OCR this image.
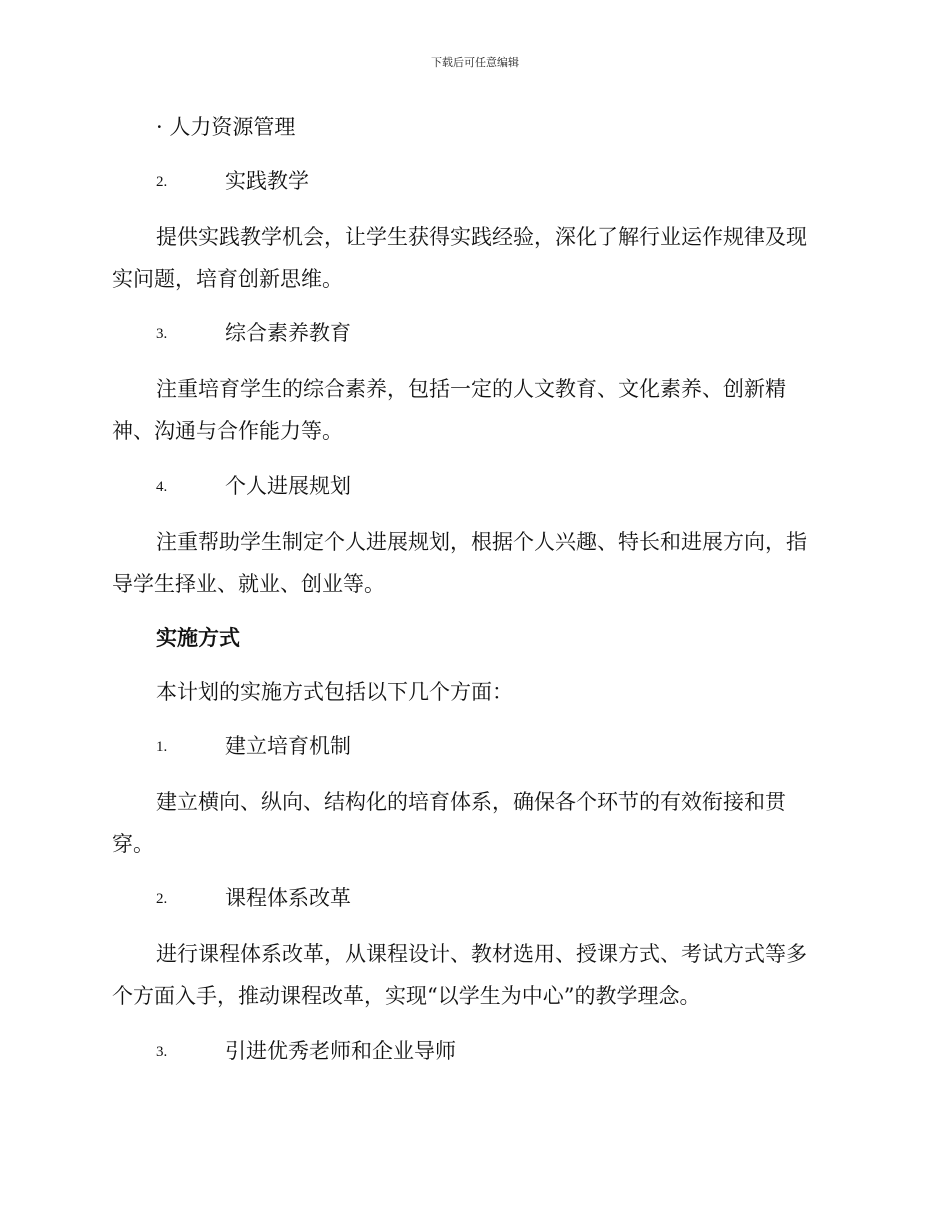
下载后可任意编辑
· 人力资源管理
2.	实践教学
提供实践教学机会，让学生获得实践经验，深化了解行业运作规律及现
实问题，培育创新思维。
3.	综合素养教育
注重培育学生的综合素养，包括一定的人文教育、文化素养、创新精
神、沟通与合作能力等。
4.	个人进展规划
注重帮助学生制定个人进展规划，根据个人兴趣、特长和进展方向，指
导学生择业、就业、创业等。
实施方式
本计划的实施方式包括以下几个方面：
1.	建立培育机制
建立横向、纵向、结构化的培育体系，确保各个环节的有效衔接和贯
穿。
2.	课程体系改革
进行课程体系改革，从课程设计、教材选用、授课方式、考试方式等多
个方面入手，推动课程改革，实现“以学生为中心”的教学理念。
3.	引进优秀老师和企业导师
